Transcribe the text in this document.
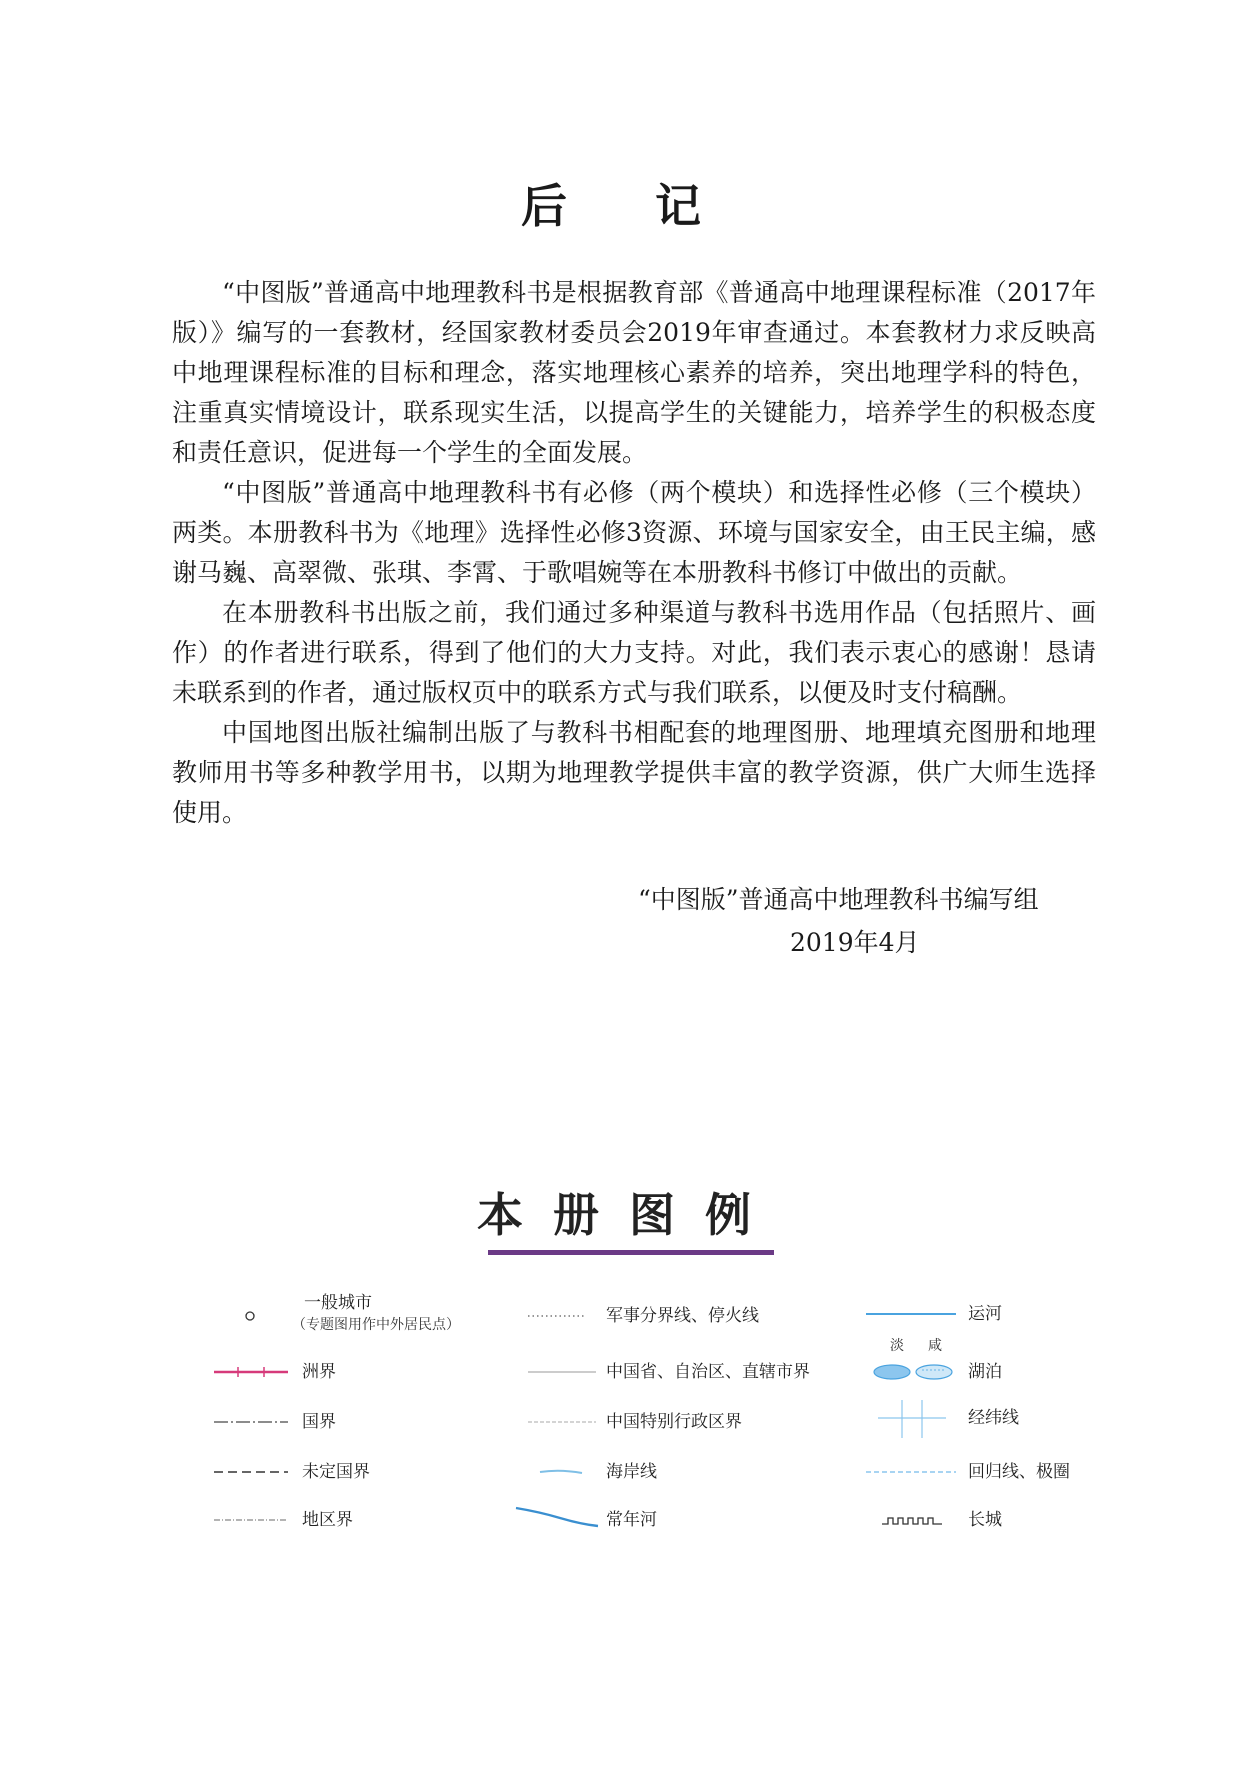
后 记

“中图版”普通高中地理教科书是根据教育部《普通高中地理课程标准（2017年版）》编写的一套教材，经国家教材委员会2019年审查通过。本套教材力求反映高中地理课程标准的目标和理念，落实地理核心素养的培养，突出地理学科的特色，注重真实情境设计，联系现实生活，以提高学生的关键能力，培养学生的积极态度和责任意识，促进每一个学生的全面发展。

“中图版”普通高中地理教科书有必修（两个模块）和选择性必修（三个模块）两类。本册教科书为《地理》选择性必修3资源、环境与国家安全，由王民主编，感谢马巍、高翠微、张琪、李霄、于歌唱婉等在本册教科书修订中做出的贡献。

在本册教科书出版之前，我们通过多种渠道与教科书选用作品（包括照片、画作）的作者进行联系，得到了他们的大力支持。对此，我们表示衷心的感谢！恳请未联系到的作者，通过版权页中的联系方式与我们联系，以便及时支付稿酬。

中国地图出版社编制出版了与教科书相配套的地理图册、地理填充图册和地理教师用书等多种教学用书，以期为地理教学提供丰富的教学资源，供广大师生选择使用。

“中图版”普通高中地理教科书编写组
2019年4月
本册图例
一般城市
（专题图用作中外居民点）
洲界
国界
未定国界
地区界
军事分界线、停火线
中国省、自治区、直辖市界
中国特别行政区界
海岸线
常年河
运河
淡 咸
湖泊
经纬线
回归线、极圈
长城
